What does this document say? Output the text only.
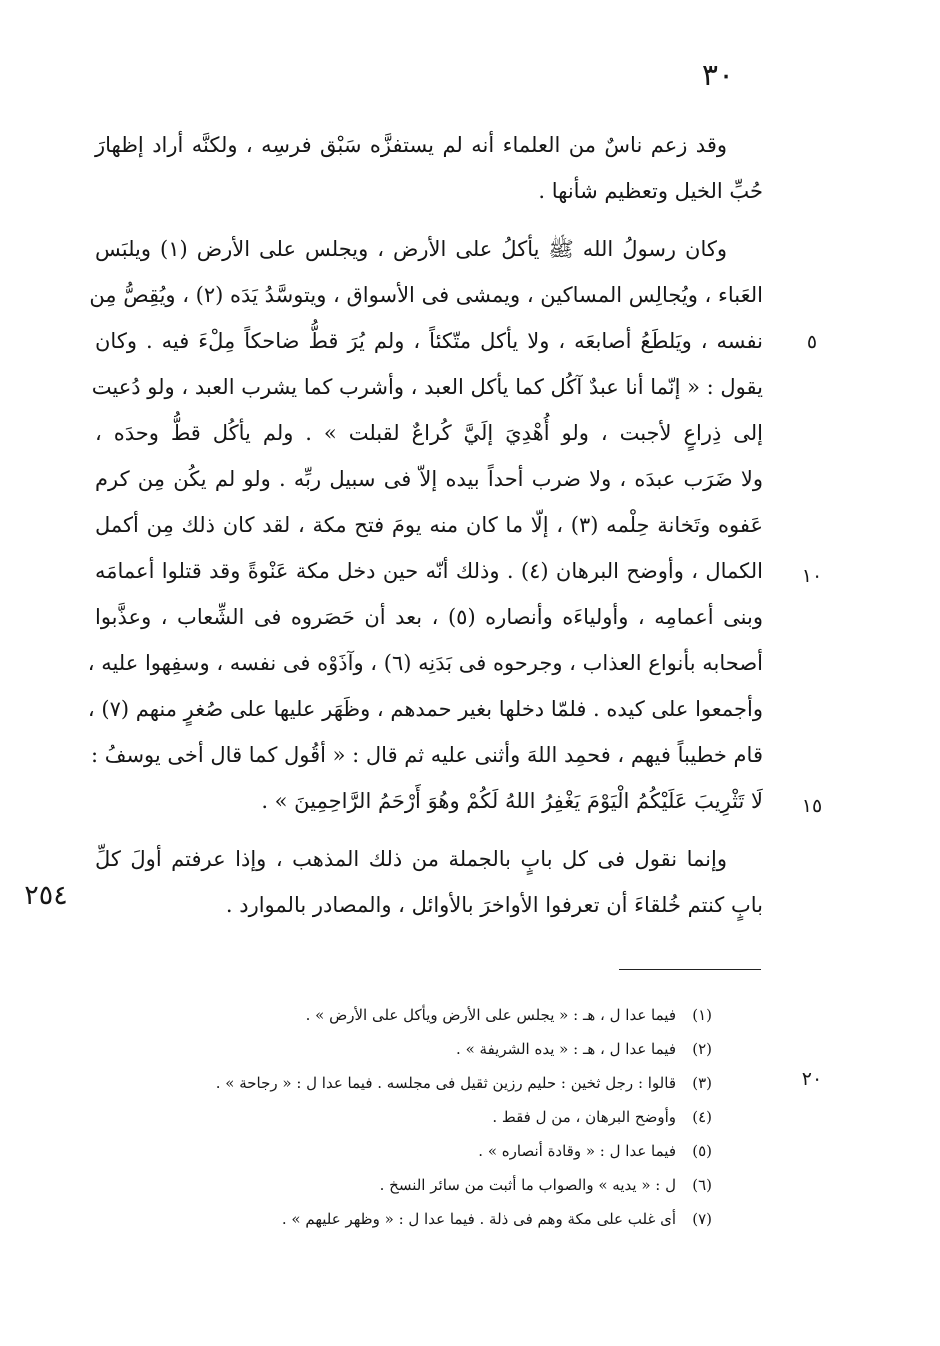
٣٠
وقد زعم ناسٌ من العلماء أنه لم يستفزَّه سَبْق فرسِه ، ولكنَّه أراد إظهارَ
حُبِّ الخيل وتعظيم شأنها .
وكان رسولُ الله ﷺ يأكلُ على الأرض ، ويجلس على الأرض (١) ويلبَس
العَباء ، ويُجالِس المساكين ، ويمشى فى الأسواق ، ويتوسَّدُ يَدَه (٢) ، ويُقِصُّ مِن
نفسه ، ويَلطَعُ أصابعَه ، ولا يأكل متّكئاً ، ولم يُرَ قطُّ ضاحكاً مِلْءَ فيه . وكان
يقول : « إنّما أنا عبدٌ آكُل كما يأكل العبد ، وأشرب كما يشرب العبد ، ولو دُعيت
إلى ذِراعٍ لأجبت ، ولو أُهْدِيَ إلَيَّ كُراعٌ لقبلت » . ولم يأكُل قطُّ وحدَه ،
ولا ضَرَب عبدَه ، ولا ضرب أحداً بيده إلاّ فى سبيل ربِّه . ولو لم يكُن مِن كرم
عَفوه وتَخانة حِلْمه (٣) ، إلّا ما كان منه يومَ فتح مكة ، لقد كان ذلك مِن أكمل
الكمال ، وأوضح البرهان (٤) . وذلك أنّه حين دخل مكة عَنْوةً وقد قتلوا أعمامَه
وبنى أعمامِه ، وأولياءَه وأنصاره (٥) ، بعد أن حَصَروه فى الشِّعاب ، وعذَّبوا
أصحابه بأنواع العذاب ، وجرحوه فى بَدَنِه (٦) ، وآذَوْه فى نفسه ، وسفِهوا عليه ،
وأجمعوا على كيده . فلمّا دخلها بغير حمدهم ، وظَهَر عليها على صُغرٍ منهم (٧) ،
قام خطيباً فيهم ، فحمِد اللهَ وأثنى عليه ثم قال : « أقُول كما قال أخى يوسفُ :
لَا تَثْرِيبَ عَلَيْكُمُ الْيَوْمَ يَغْفِرُ اللهُ لَكُمْ وهُوَ أَرْحَمُ الرَّاحِمِينَ » .
وإنما نقول فى كل بابٍ بالجملة من ذلك المذهب ، وإذا عرفتم أولَ كلِّ
بابٍ كنتم خُلقاءَ أن تعرفوا الأواخرَ بالأوائل ، والمصادر بالموارد .
٥
١٠
١٥
٢٠
٢٥٤
(١)فيما عدا ل ، هـ : « يجلس على الأرض ويأكل على الأرض » .
(٢)فيما عدا ل ، هـ : « يده الشريفة » .
(٣)قالوا : رجل ثخين : حليم رزين ثقيل فى مجلسه . فيما عدا ل : « رجاحة » .
(٤)وأوضح البرهان ، من ل فقط .
(٥)فيما عدا ل : « وقادة أنصاره » .
(٦)ل : « يديه » والصواب ما أثبت من سائر النسخ .
(٧)أى غلب على مكة وهم فى ذلة . فيما عدا ل : « وظهر عليهم » .
